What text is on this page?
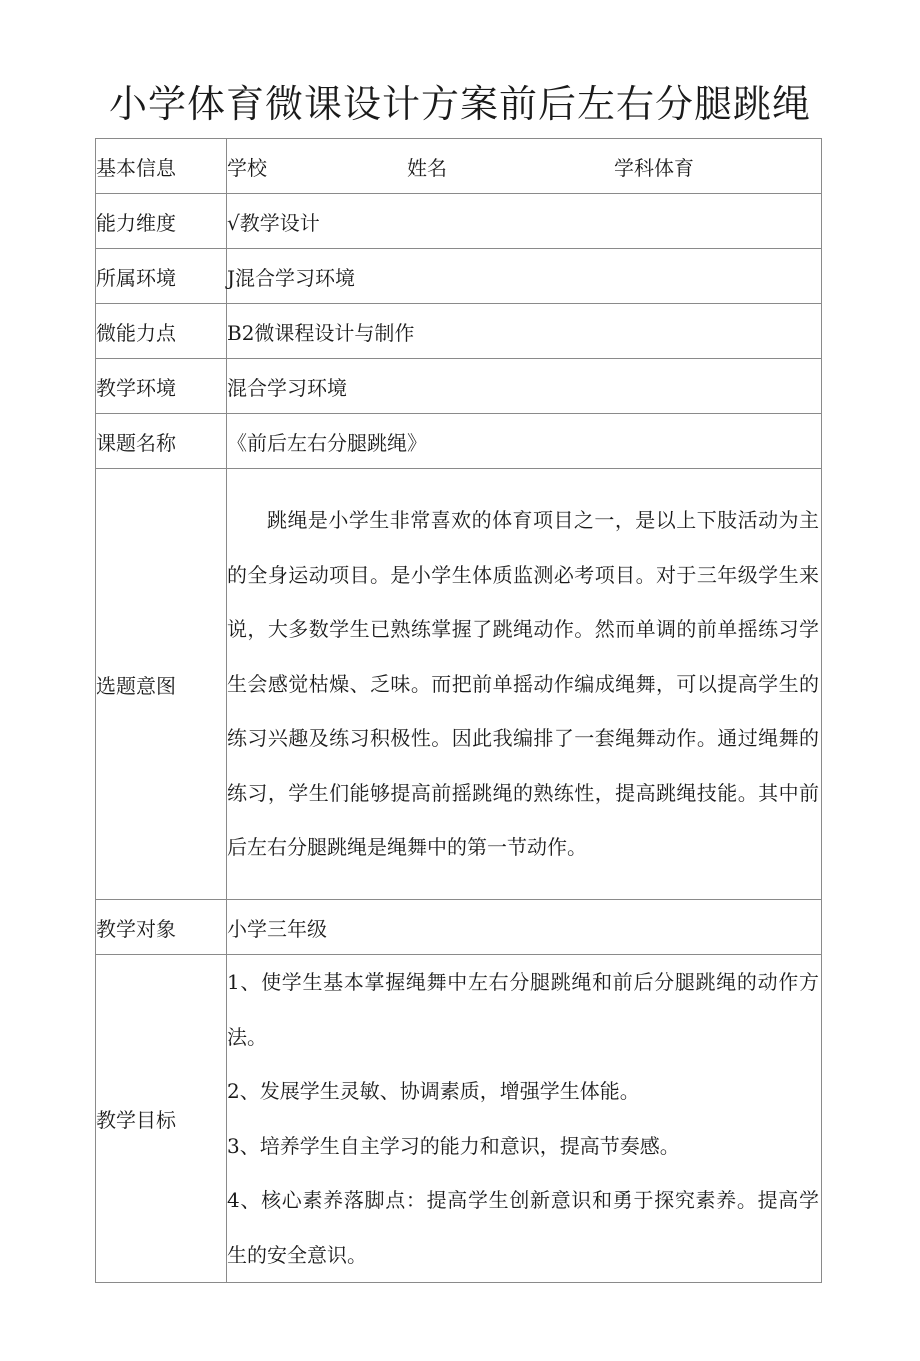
小学体育微课设计方案前后左右分腿跳绳
基本信息	学校 姓名 学科体育

能力维度	√教学设计
所属环境	J混合学习环境
微能力点	B2微课程设计与制作
教学环境	混合学习环境
课题名称	《前后左右分腿跳绳》
选题意图	跳绳是小学生非常喜欢的体育项目之一，是以上下肢活动为主的全身运动项目。是小学生体质监测必考项目。对于三年级学生来说，大多数学生已熟练掌握了跳绳动作。然而单调的前单摇练习学生会感觉枯燥、乏味。而把前单摇动作编成绳舞，可以提高学生的练习兴趣及练习积极性。因此我编排了一套绳舞动作。通过绳舞的练习，学生们能够提高前摇跳绳的熟练性，提高跳绳技能。其中前后左右分腿跳绳是绳舞中的第一节动作。

教学对象	小学三年级
教学目标	1、使学生基本掌握绳舞中左右分腿跳绳和前后分腿跳绳的动作方法。

2、发展学生灵敏、协调素质，增强学生体能。

3、培养学生自主学习的能力和意识，提高节奏感。

4、核心素养落脚点：提高学生创新意识和勇于探究素养。提高学生的安全意识。
